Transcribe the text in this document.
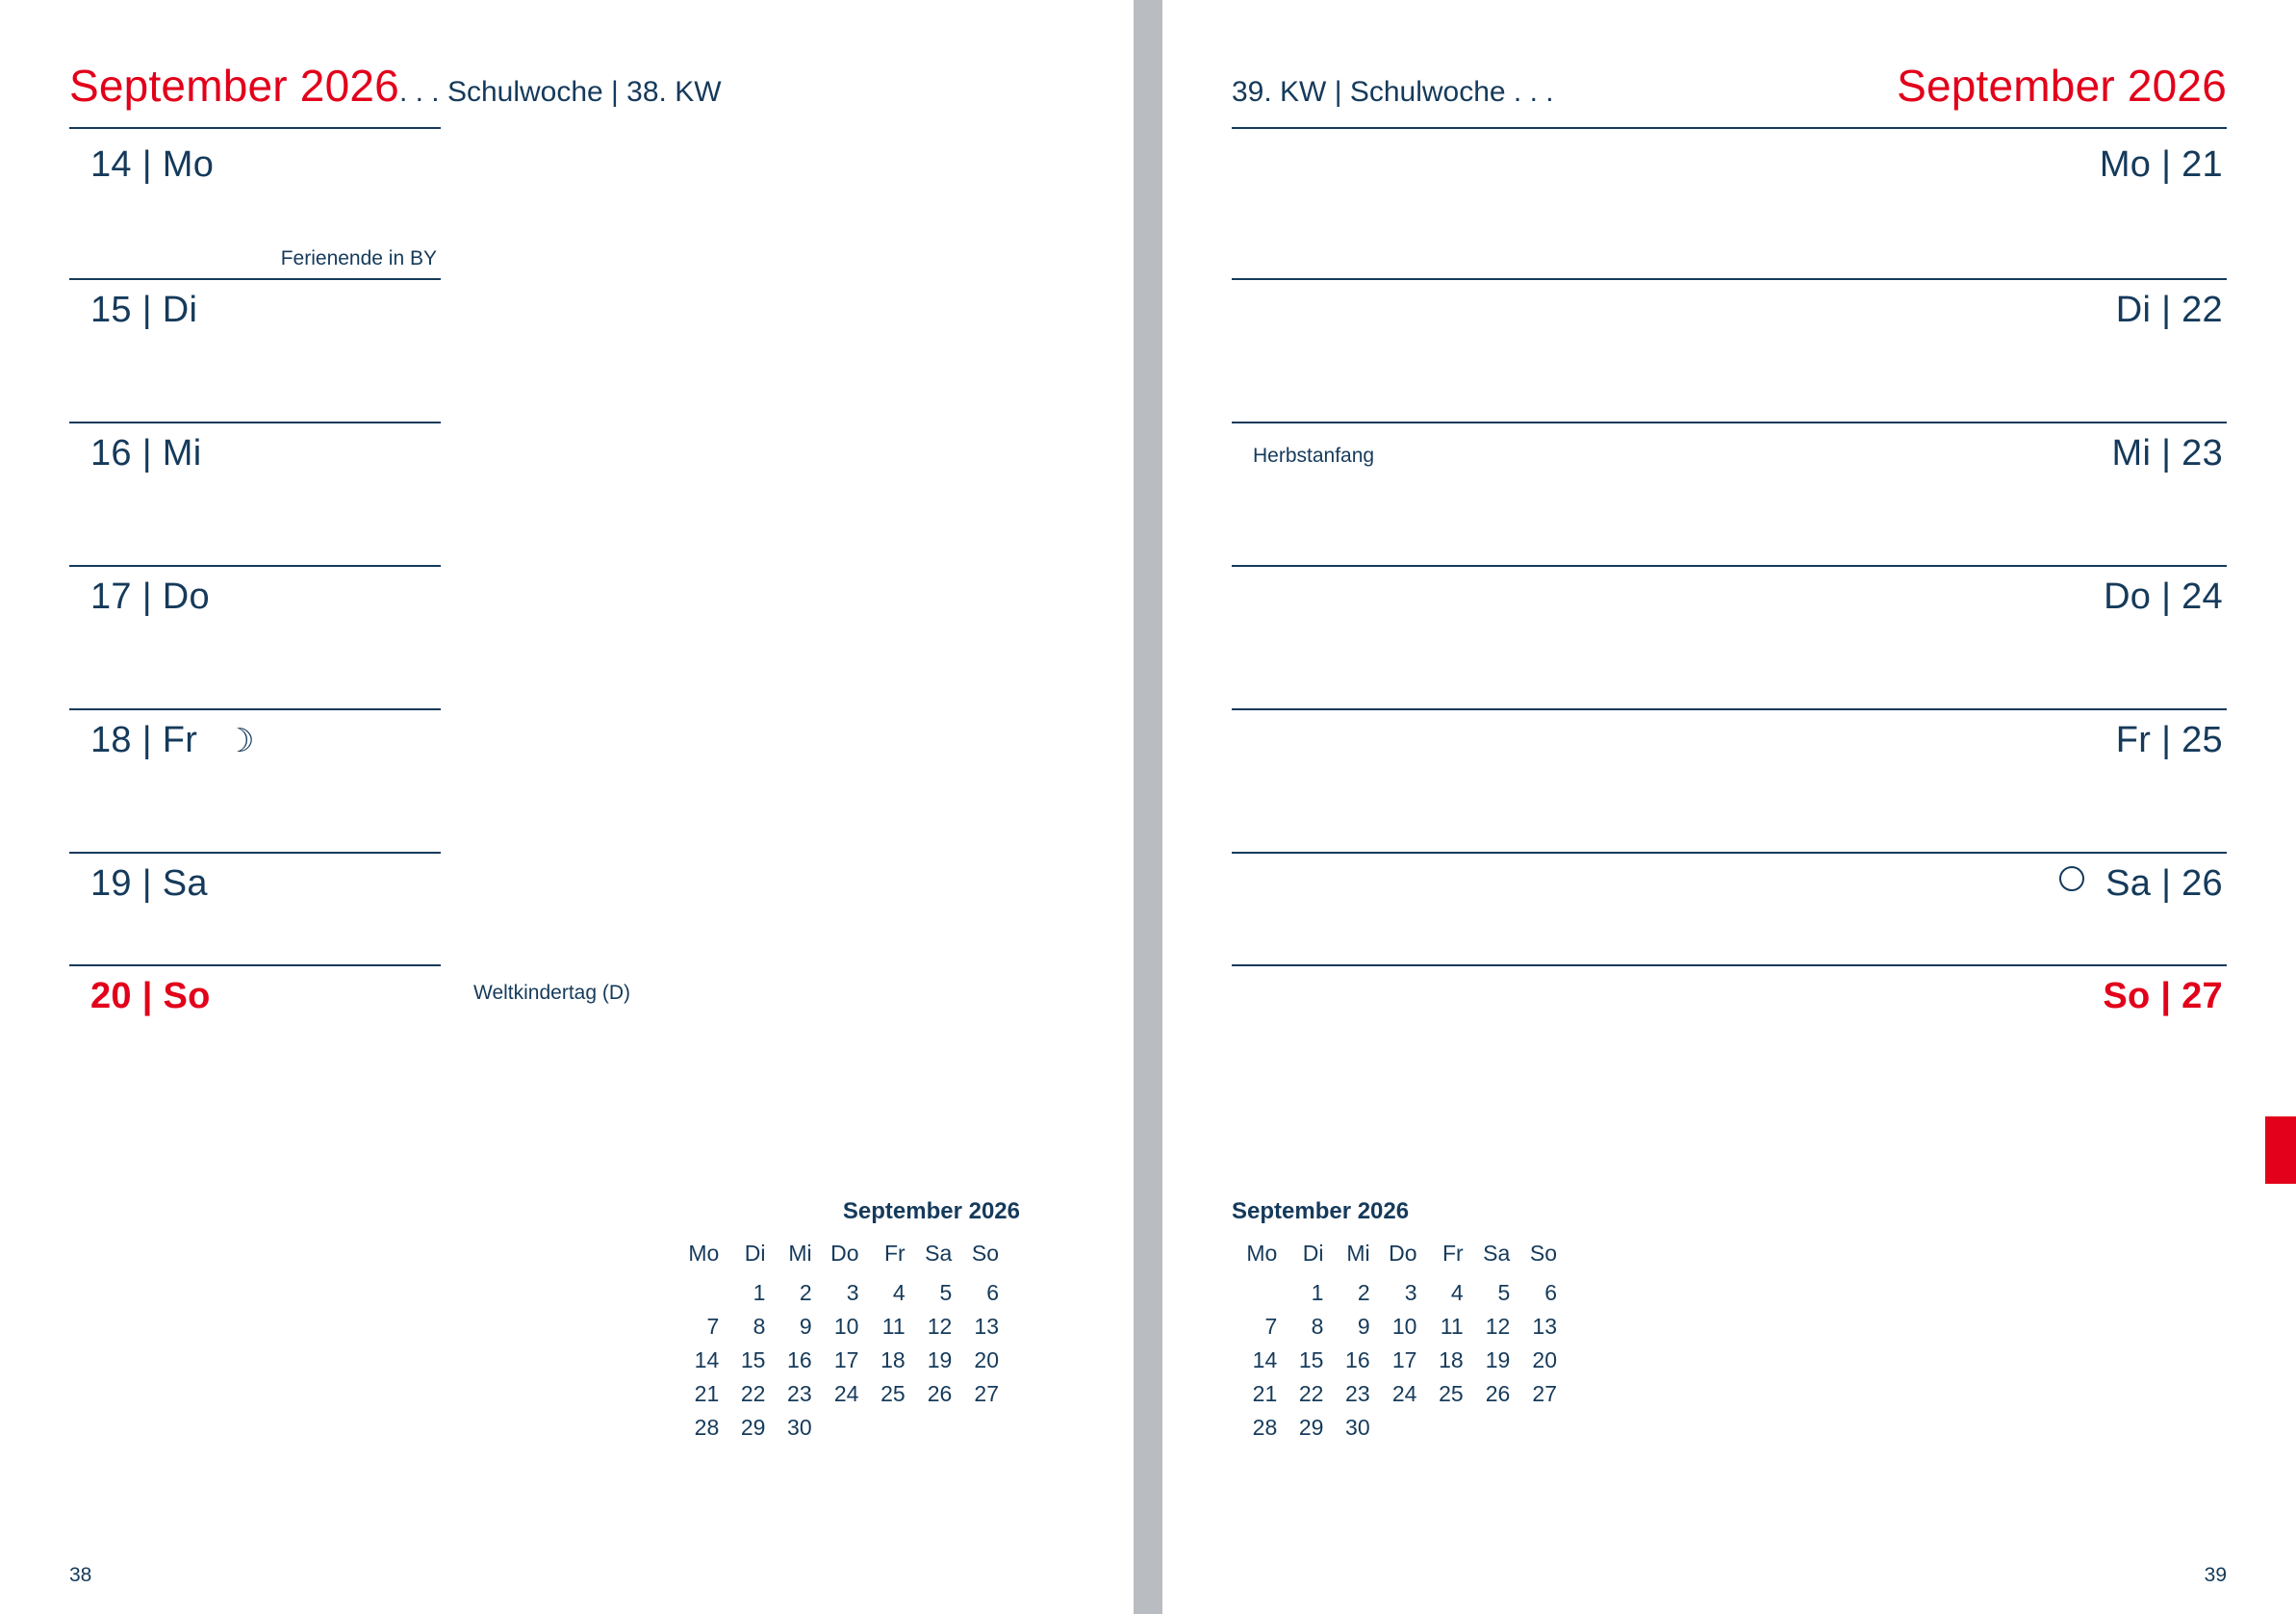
September 2026 . . . Schulwoche | 38. KW
14 | Mo
Ferienende in BY
15 | Di
16 | Mi
17 | Do
18 | Fr ☽
19 | Sa
20 | So	Weltkindertag (D)
September 2026
Mo	Di	Mi	Do	Fr	Sa	So
	1	2	3	4	5	6
7	8	9	10	11	12	13
14	15	16	17	18	19	20
21	22	23	24	25	26	27
28	29	30				
38
39. KW | Schulwoche . . .	September 2026
Mo | 21
Di | 22
Mi | 23
Herbstanfang
Do | 24
Fr | 25
Sa | 26
So | 27
September 2026
Mo	Di	Mi	Do	Fr	Sa	So
	1	2	3	4	5	6
7	8	9	10	11	12	13
14	15	16	17	18	19	20
21	22	23	24	25	26	27
28	29	30				
39
